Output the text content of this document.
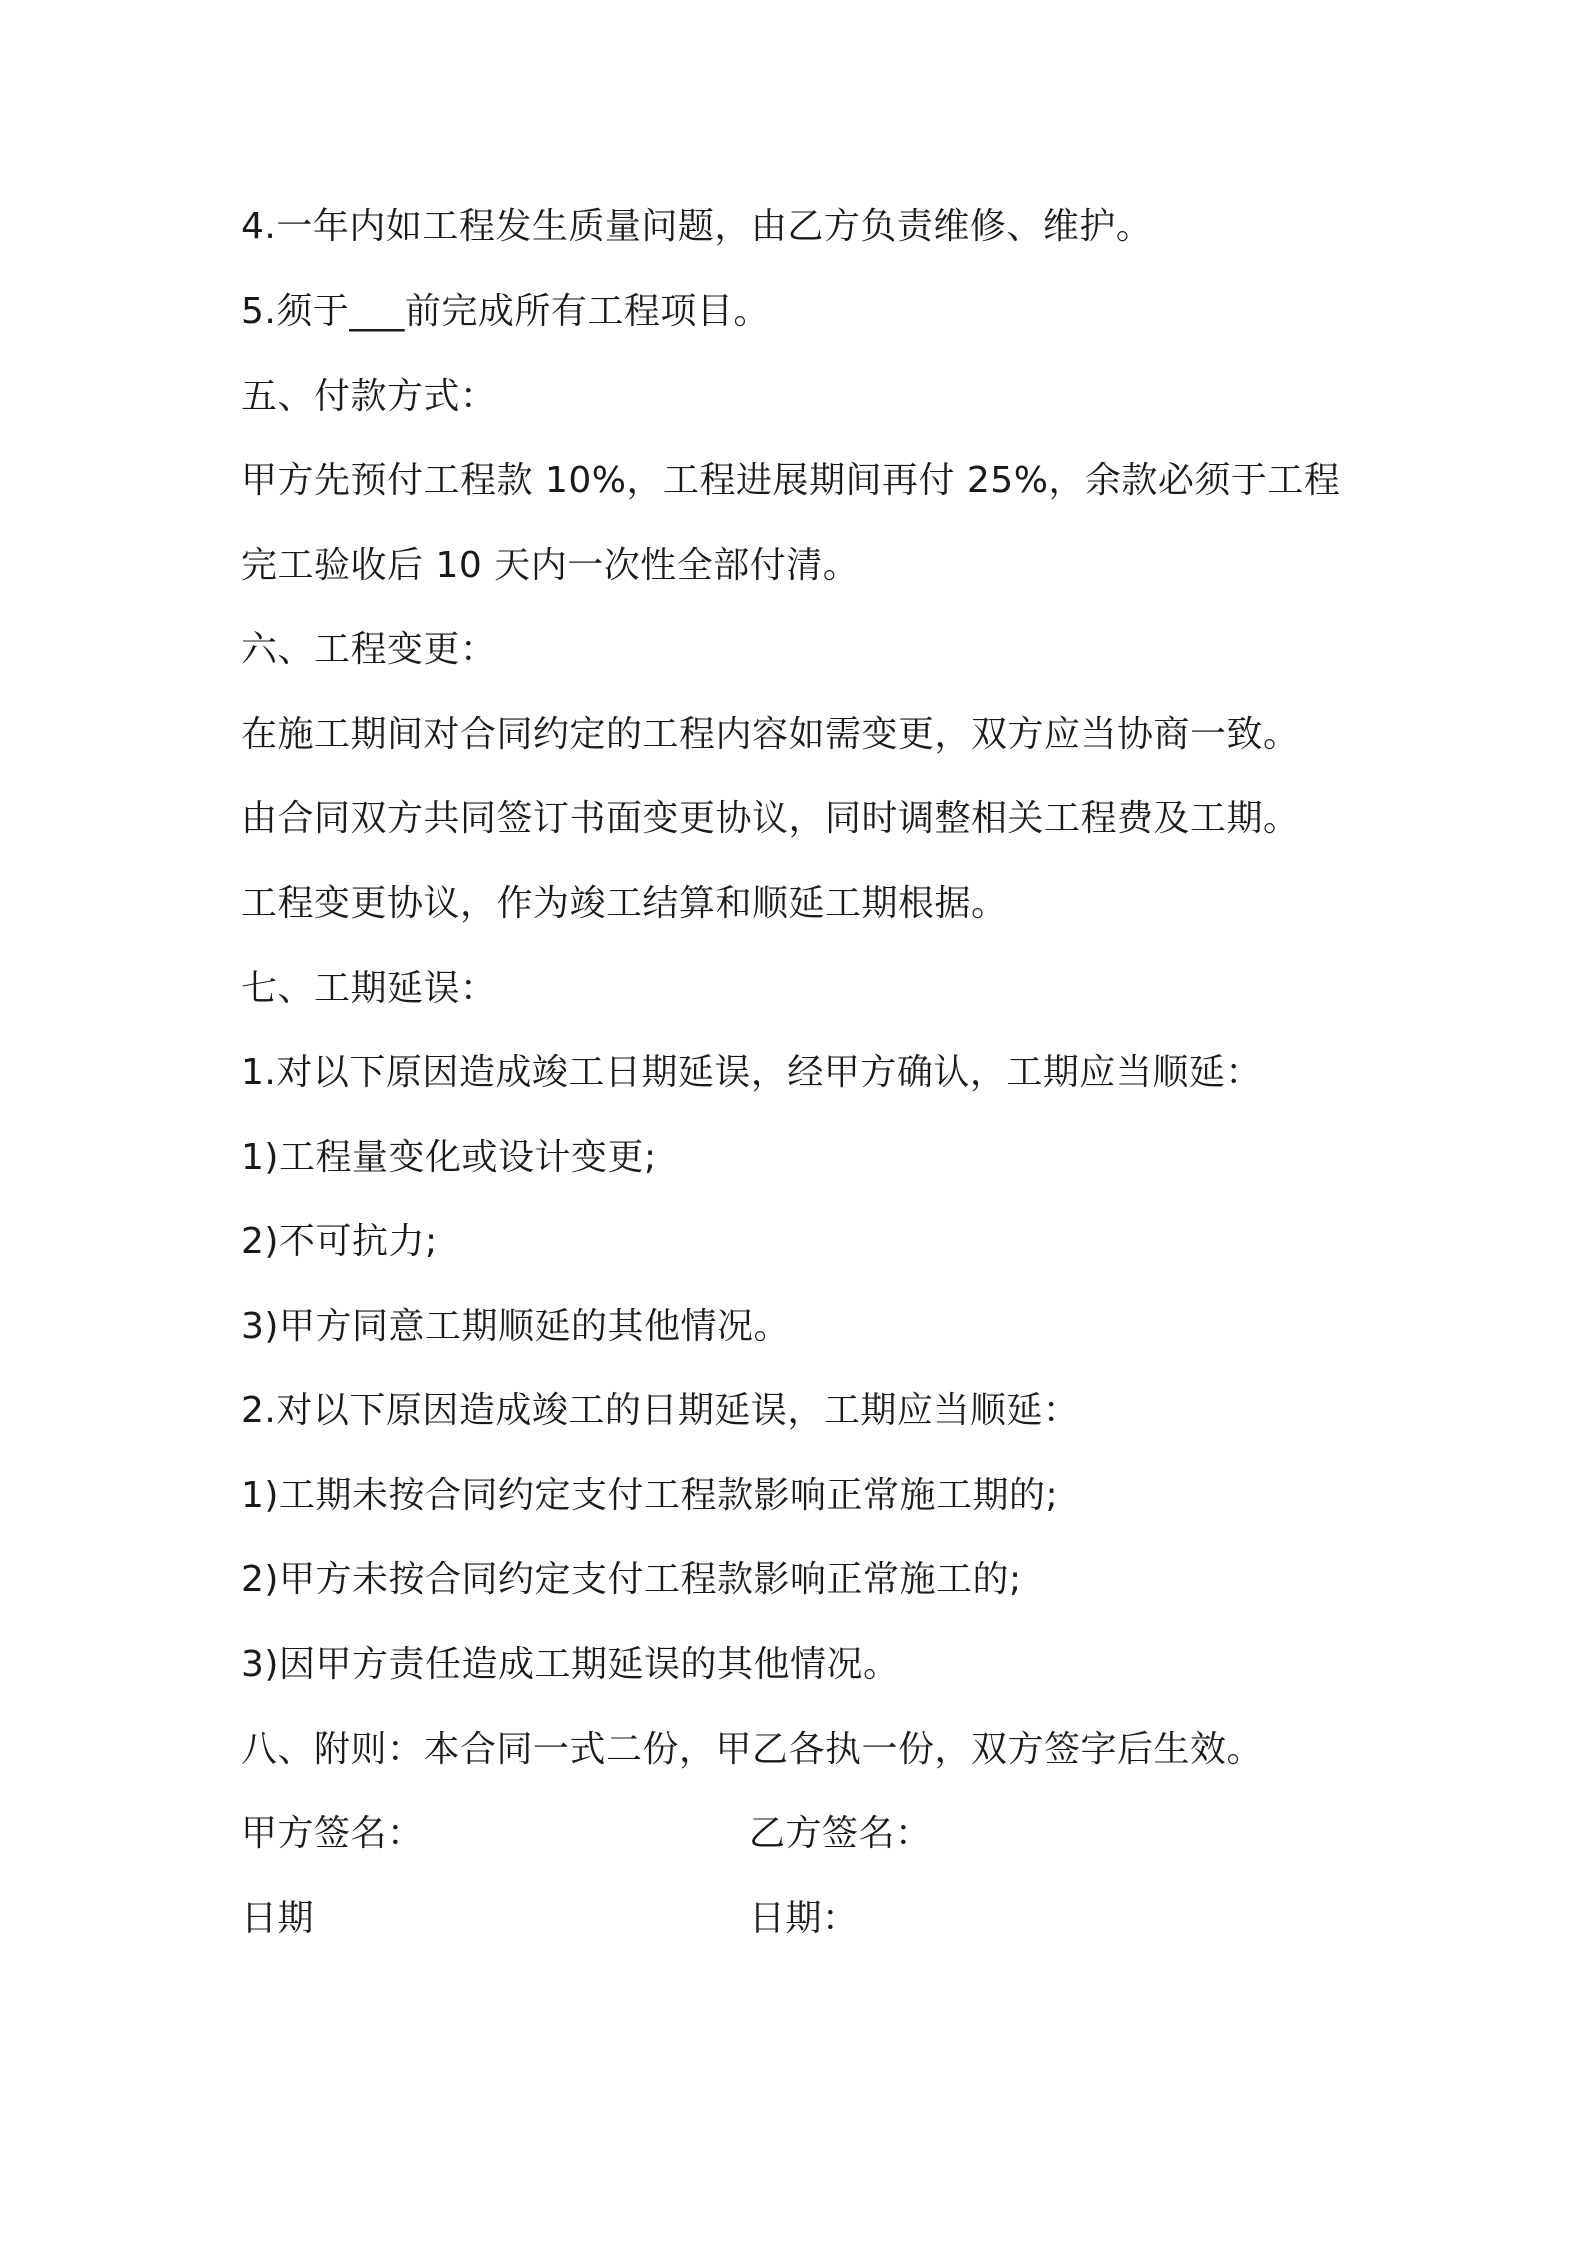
4.一年内如工程发生质量问题，由乙方负责维修、维护。
5.须于___前完成所有工程项目。
五、付款方式：
甲方先预付工程款 10%，工程进展期间再付 25%，余款必须于工程
完工验收后 10 天内一次性全部付清。
六、工程变更：
在施工期间对合同约定的工程内容如需变更，双方应当协商一致。
由合同双方共同签订书面变更协议，同时调整相关工程费及工期。
工程变更协议，作为竣工结算和顺延工期根据。
七、工期延误：
1.对以下原因造成竣工日期延误，经甲方确认，工期应当顺延：
1)工程量变化或设计变更;
2)不可抗力;
3)甲方同意工期顺延的其他情况。
2.对以下原因造成竣工的日期延误，工期应当顺延：
1)工期未按合同约定支付工程款影响正常施工期的;
2)甲方未按合同约定支付工程款影响正常施工的;
3)因甲方责任造成工期延误的其他情况。
八、附则：本合同一式二份，甲乙各执一份，双方签字后生效。
甲方签名：	乙方签名：
日期	日期：
